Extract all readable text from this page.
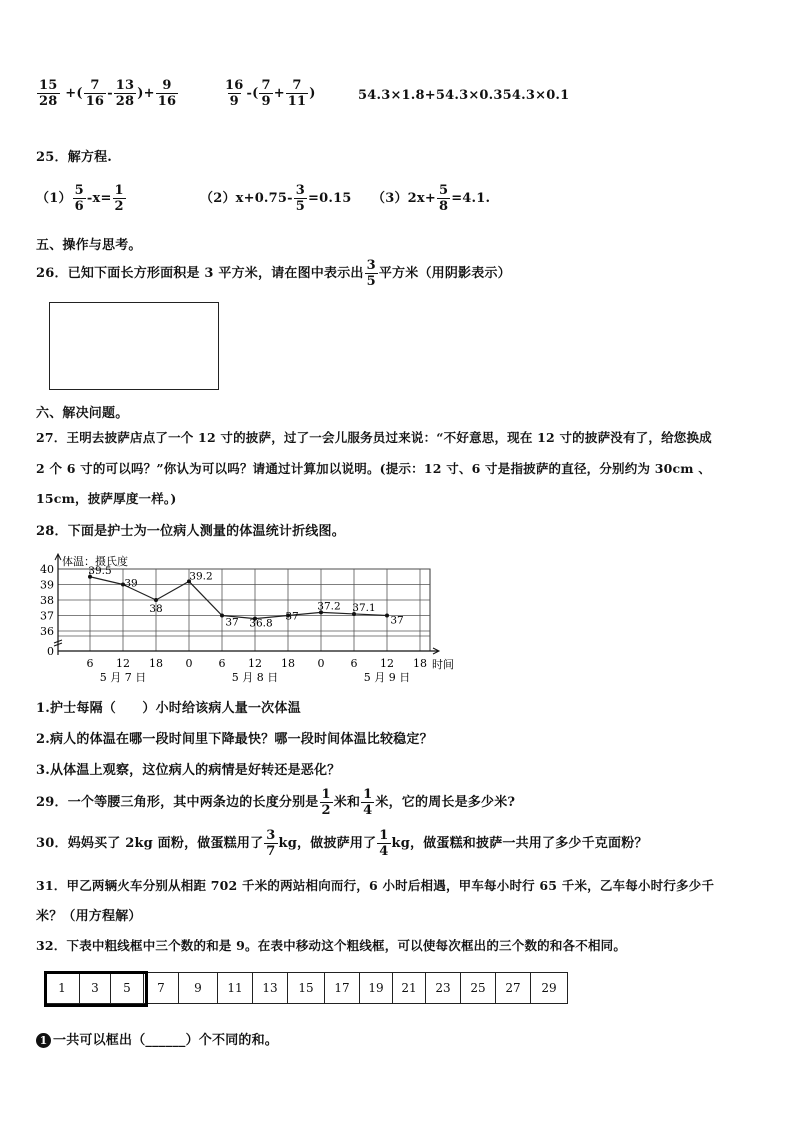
$\frac{15}{28}$ +( $\frac{7}{16} - \frac{13}{28}$ )+ $\frac{9}{16}$	$\frac{16}{9}$ -( $\frac{7}{9} + \frac{7}{11}$ )	54.3×1.8+54.3×0.354.3×0.1
25．解方程.
$(1) \frac{5}{6} -x= \frac{1}{2}$	$(2)x+0.75- \frac{3}{5} =0.15$ $(3)2x+ \frac{5}{8} =4.1$.
五、操作与思考。
26．已知下面长方形面积是 3 平方米，请在图中表示出 $\frac{3}{5}$ 平方米（用阴影表示）
六、解决问题。
27．王明去披萨店点了一个 12 寸的披萨，过了一会儿服务员过来说：“不好意思，现在 12 寸的披萨没有了，给您换成
2 个 6 寸的可以吗？”你认为可以吗？请通过计算加以说明。(提示：12 寸、6 寸是指披萨的直径，分别约为 30cm 、
15cm，披萨厚度一样。)
28．下面是护士为一位病人测量的体温统计折线图。
40
39
38
37
36
0
体温：摄氏度
6 12 18 0 6 12 18 0 6 12 18 时间
5 月 7 日	5 月 8 日	5 月 9 日
39.5
39
38
39.2
37 36.8
37
37.2 37.1
37
1.护士每隔（　　）小时给该病人量一次体温
2.病人的体温在哪一段时间里下降最快？哪一段时间体温比较稳定？
3.从体温上观察，这位病人的病情是好转还是恶化？
29．一个等腰三角形，其中两条边的长度分别是 $\frac{1}{2}$ 米和 $\frac{1}{4}$ 米，它的周长是多少米?
30．妈妈买了 2kg 面粉，做蛋糕用了 $\frac{3}{7}$ kg，做披萨用了 $\frac{1}{4}$ kg，做蛋糕和披萨一共用了多少千克面粉？
31．甲乙两辆火车分别从相距 702 千米的两站相向而行，6 小时后相遇，甲车每小时行 65 千米，乙车每小时行多少千
米？（用方程解）
32．下表中粗线框中三个数的和是 9。在表中移动这个粗线框，可以使每次框出的三个数的和各不相同。
1	3	5	7	9	11	13	15	17	19	21	23	25	27	29
1 一共可以框出（______）个不同的和。
